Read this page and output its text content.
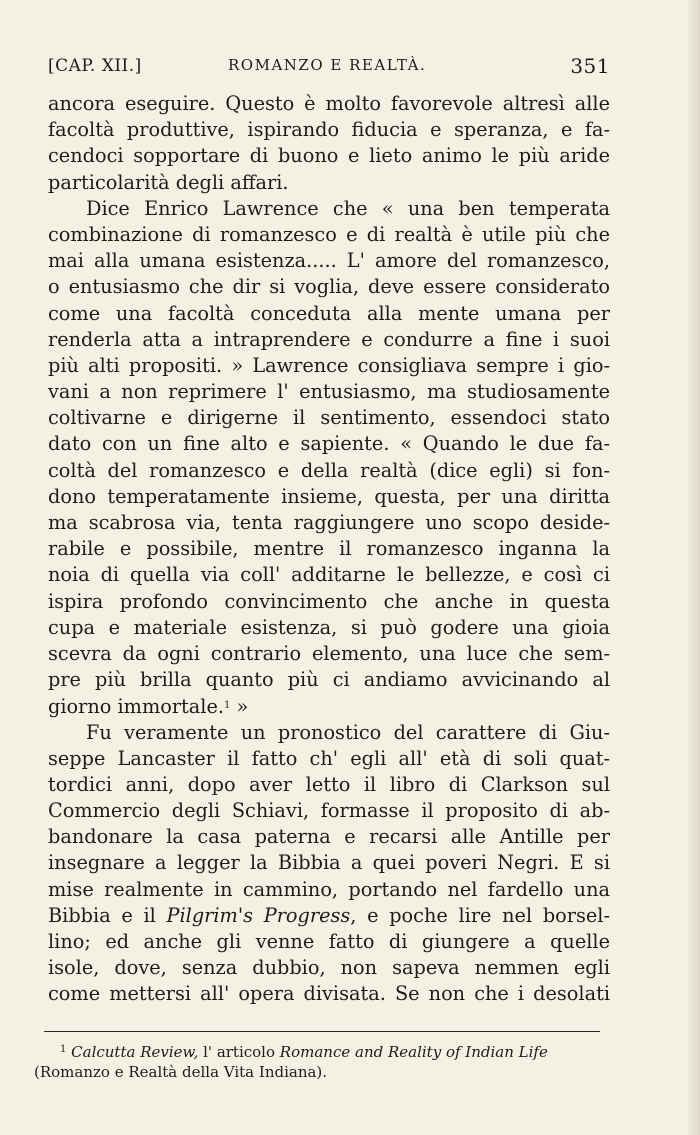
[CAP. XII.]	ROMANZO E REALTÀ.	351
ancora eseguire. Questo è molto favorevole altresì alle
facoltà produttive, ispirando fiducia e speranza, e fa-
cendoci sopportare di buono e lieto animo le più aride
particolarità degli affari.
Dice Enrico Lawrence che « una ben temperata
combinazione di romanzesco e di realtà è utile più che
mai alla umana esistenza..... L' amore del romanzesco,
o entusiasmo che dir si voglia, deve essere considerato
come una facoltà conceduta alla mente umana per
renderla atta a intraprendere e condurre a fine i suoi
più alti propositi. » Lawrence consigliava sempre i gio-
vani a non reprimere l' entusiasmo, ma studiosamente
coltivarne e dirigerne il sentimento, essendoci stato
dato con un fine alto e sapiente. « Quando le due fa-
coltà del romanzesco e della realtà (dice egli) si fon-
dono temperatamente insieme, questa, per una diritta
ma scabrosa via, tenta raggiungere uno scopo deside-
rabile e possibile, mentre il romanzesco inganna la
noia di quella via coll' additarne le bellezze, e così ci
ispira profondo convincimento che anche in questa
cupa e materiale esistenza, si può godere una gioia
scevra da ogni contrario elemento, una luce che sem-
pre più brilla quanto più ci andiamo avvicinando al
giorno immortale.$^1$ »
Fu veramente un pronostico del carattere di Giu-
seppe Lancaster il fatto ch' egli all' età di soli quat-
tordici anni, dopo aver letto il libro di Clarkson sul
Commercio degli Schiavi, formasse il proposito di ab-
bandonare la casa paterna e recarsi alle Antille per
insegnare a legger la Bibbia a quei poveri Negri. E si
mise realmente in cammino, portando nel fardello una
Bibbia e il Pilgrim's Progress, e poche lire nel borsel-
lino; ed anche gli venne fatto di giungere a quelle
isole, dove, senza dubbio, non sapeva nemmen egli
come mettersi all' opera divisata. Se non che i desolati
$^1$ Calcutta Review, l' articolo Romance and Reality of Indian Life
(Romanzo e Realtà della Vita Indiana).
